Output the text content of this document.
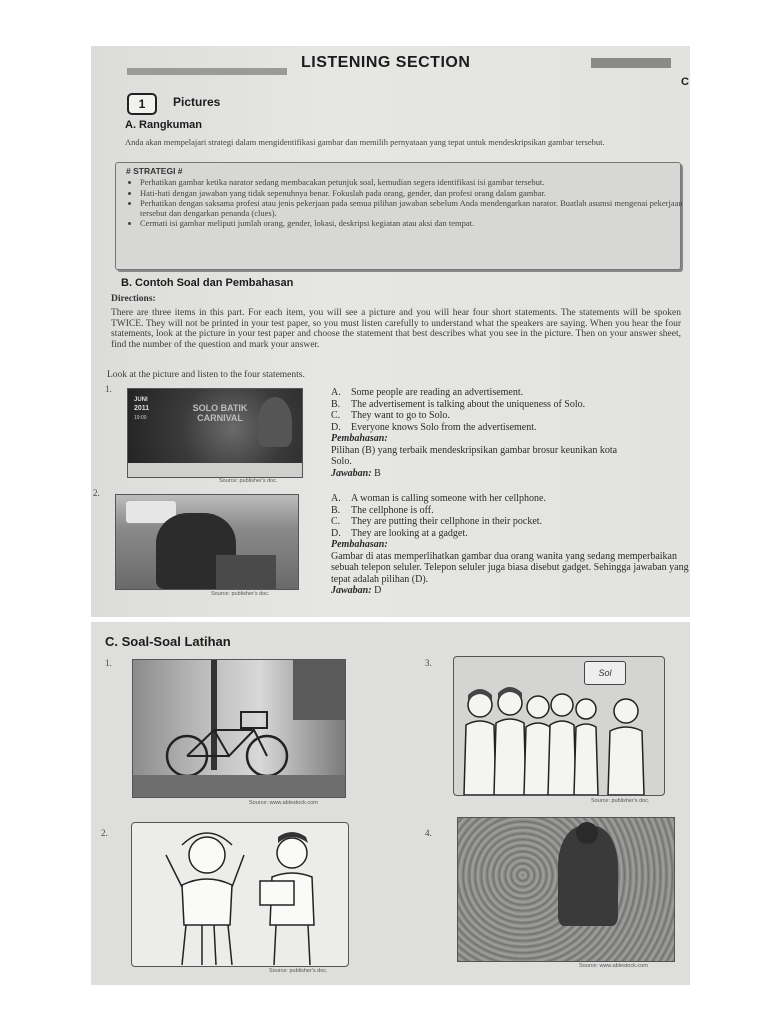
LISTENING SECTION
C
1	Pictures
A. Rangkuman
Anda akan mempelajari strategi dalam mengidentifikasi gambar dan memilih pernyataan yang tepat untuk mendeskripsikan gambar tersebut.
# STRATEGI #
• Perhatikan gambar ketika narator sedang membacakan petunjuk soal, kemudian segera identifikasi isi gambar tersebut.
• Hati-hati dengan jawaban yang tidak sepenuhnya benar. Fokuslah pada orang, gender, dan profesi orang dalam gambar.
• Perhatikan dengan saksama profesi atau jenis pekerjaan pada semua pilihan jawaban sebelum Anda mendengarkan narator. Buatlah asumsi mengenai pekerjaan tersebut dan dengarkan penanda (clues).
• Cermati isi gambar meliputi jumlah orang, gender, lokasi, deskripsi kegiatan atau aksi dan tempat.
B. Contoh Soal dan Pembahasan
Directions:
There are three items in this part. For each item, you will see a picture and you will hear four short statements. The statements will be spoken TWICE. They will not be printed in your test paper, so you must listen carefully to understand what the speakers are saying. When you hear the four statements, look at the picture in your test paper and choose the statement that best describes what you see in the picture. Then on your answer sheet, find the number of the question and mark your answer.
Look at the picture and listen to the four statements.
1.
JUNI
2011
19:00
SOLO BATIK CARNIVAL
Source: publisher's doc.
A. Some people are reading an advertisement.
B. The advertisement is talking about the uniqueness of Solo.
C. They want to go to Solo.
D. Everyone knows Solo from the advertisement.
Pembahasan:
Pilihan (B) yang terbaik mendeskripsikan gambar brosur keunikan kota Solo.
Jawaban: B
2.
Source: publisher's doc.
A. A woman is calling someone with her cellphone.
B. The cellphone is off.
C. They are putting their cellphone in their pocket.
D. They are looking at a gadget.
Pembahasan:
Gambar di atas memperlihatkan gambar dua orang wanita yang sedang memperbaikan sebuah telepon seluler. Telepon seluler juga biasa disebut gadget. Sehingga jawaban yang tepat adalah pilihan (D).
Jawaban: D
C. Soal-Soal Latihan
1.
Source: www.ablestock.com
3.
Sol
Source: publisher's doc.
2.
Source: publisher's doc.
4.
Source: www.ablestock.com
